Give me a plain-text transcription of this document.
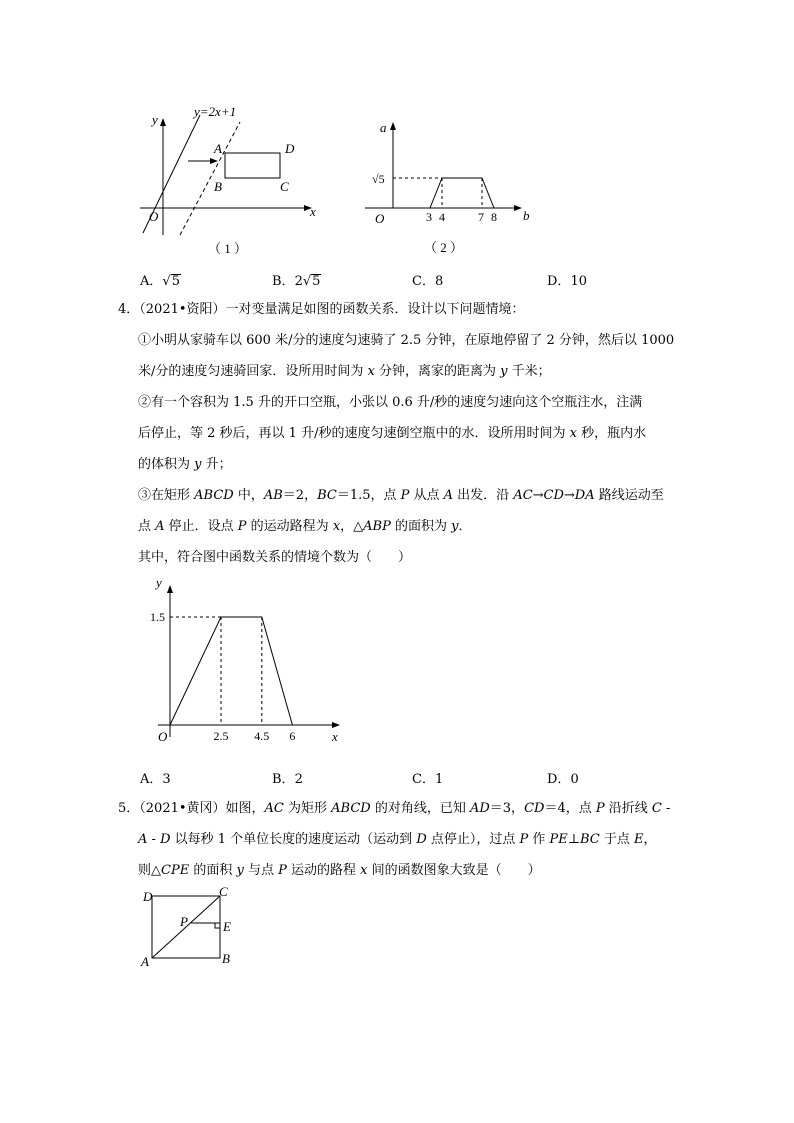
y=2x+1
y
x
O
A
B	C
D
（ 1 ）
a
b
O
√5
3 4	7 8
（ 2 ）
A．√5	B．2√5	C．8	D．10
4．（2021•资阳）一对变量满足如图的函数关系．设计以下问题情境：
①小明从家骑车以 600 米/分的速度匀速骑了 2.5 分钟，在原地停留了 2 分钟，然后以 1000
米/分的速度匀速骑回家．设所用时间为 x 分钟，离家的距离为 y 千米；
②有一个容积为 1.5 升的开口空瓶，小张以 0.6 升/秒的速度匀速向这个空瓶注水，注满
后停止，等 2 秒后，再以 1 升/秒的速度匀速倒空瓶中的水．设所用时间为 x 秒，瓶内水
的体积为 y 升；
③在矩形 ABCD 中，AB＝2，BC＝1.5，点 P 从点 A 出发．沿 AC→CD→DA 路线运动至
点 A 停止．设点 P 的运动路程为 x，△ABP 的面积为 y．
其中，符合图中函数关系的情境个数为（　　）
y
x
O	2.5 4.5 6
1.5
A．3	B．2	C．1	D．0
5．（2021•黄冈）如图，AC 为矩形 ABCD 的对角线，已知 AD＝3，CD＝4，点 P 沿折线 C -
A - D 以每秒 1 个单位长度的速度运动（运动到 D 点停止），过点 P 作 PE⊥BC 于点 E，
则△CPE 的面积 y 与点 P 运动的路程 x 间的函数图象大致是（　　）
D	C
P	E
A	B
